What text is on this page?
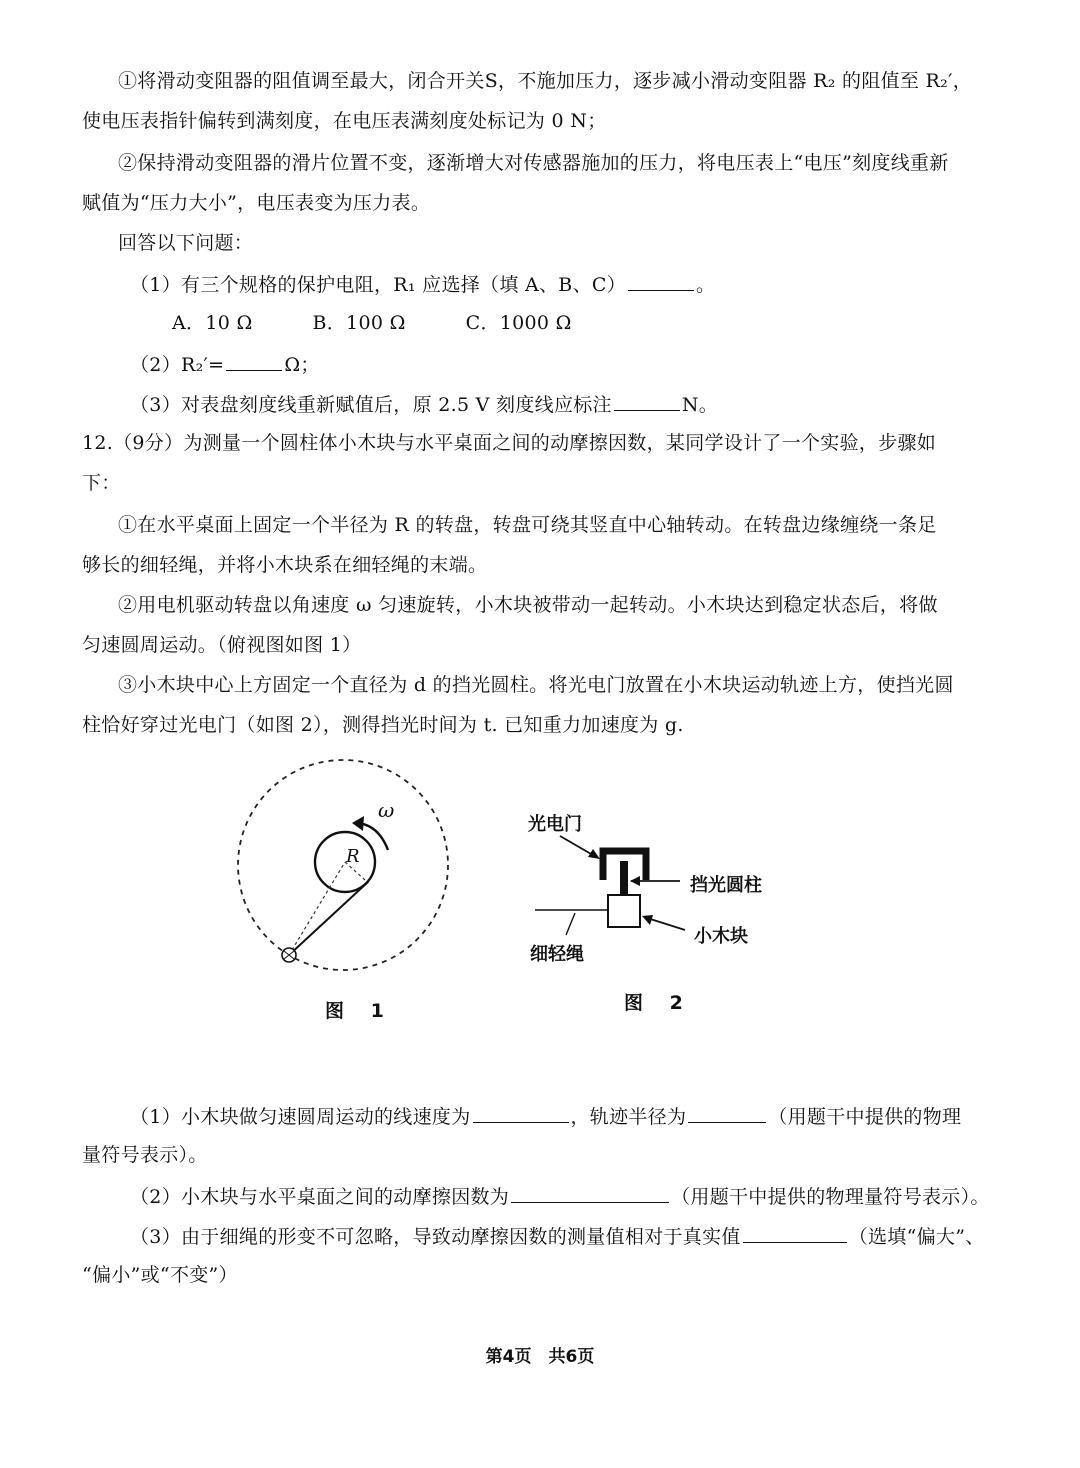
①将滑动变阻器的阻值调至最大，闭合开关S，不施加压力，逐步减小滑动变阻器 R₂ 的阻值至 R₂′，
使电压表指针偏转到满刻度，在电压表满刻度处标记为 0 N；
②保持滑动变阻器的滑片位置不变，逐渐增大对传感器施加的压力，将电压表上“电压”刻度线重新
赋值为“压力大小”，电压表变为压力表。
回答以下问题：
（1）有三个规格的保护电阻，R₁ 应选择（填 A、B、C）	。
A．10 Ω	B．100 Ω	C．1000 Ω
（2）R₂′=	Ω；
（3）对表盘刻度线重新赋值后，原 2.5 V 刻度线应标注	N。
12.（9分）为测量一个圆柱体小木块与水平桌面之间的动摩擦因数，某同学设计了一个实验，步骤如
下：
①在水平桌面上固定一个半径为 R 的转盘，转盘可绕其竖直中心轴转动。在转盘边缘缠绕一条足
够长的细轻绳，并将小木块系在细轻绳的末端。
②用电机驱动转盘以角速度 ω 匀速旋转，小木块被带动一起转动。小木块达到稳定状态后，将做
匀速圆周运动。（俯视图如图 1）
③小木块中心上方固定一个直径为 d 的挡光圆柱。将光电门放置在小木块运动轨迹上方，使挡光圆
柱恰好穿过光电门（如图 2），测得挡光时间为 t. 已知重力加速度为 g.
ω
R
图 1
光电门
挡光圆柱
小木块
细轻绳
图 2
（1）小木块做匀速圆周运动的线速度为	，轨迹半径为	（用题干中提供的物理
量符号表示）。
（2）小木块与水平桌面之间的动摩擦因数为	（用题干中提供的物理量符号表示）。
（3）由于细绳的形变不可忽略，导致动摩擦因数的测量值相对于真实值	（选填“偏大”、
“偏小”或“不变”）
第4页　共6页
